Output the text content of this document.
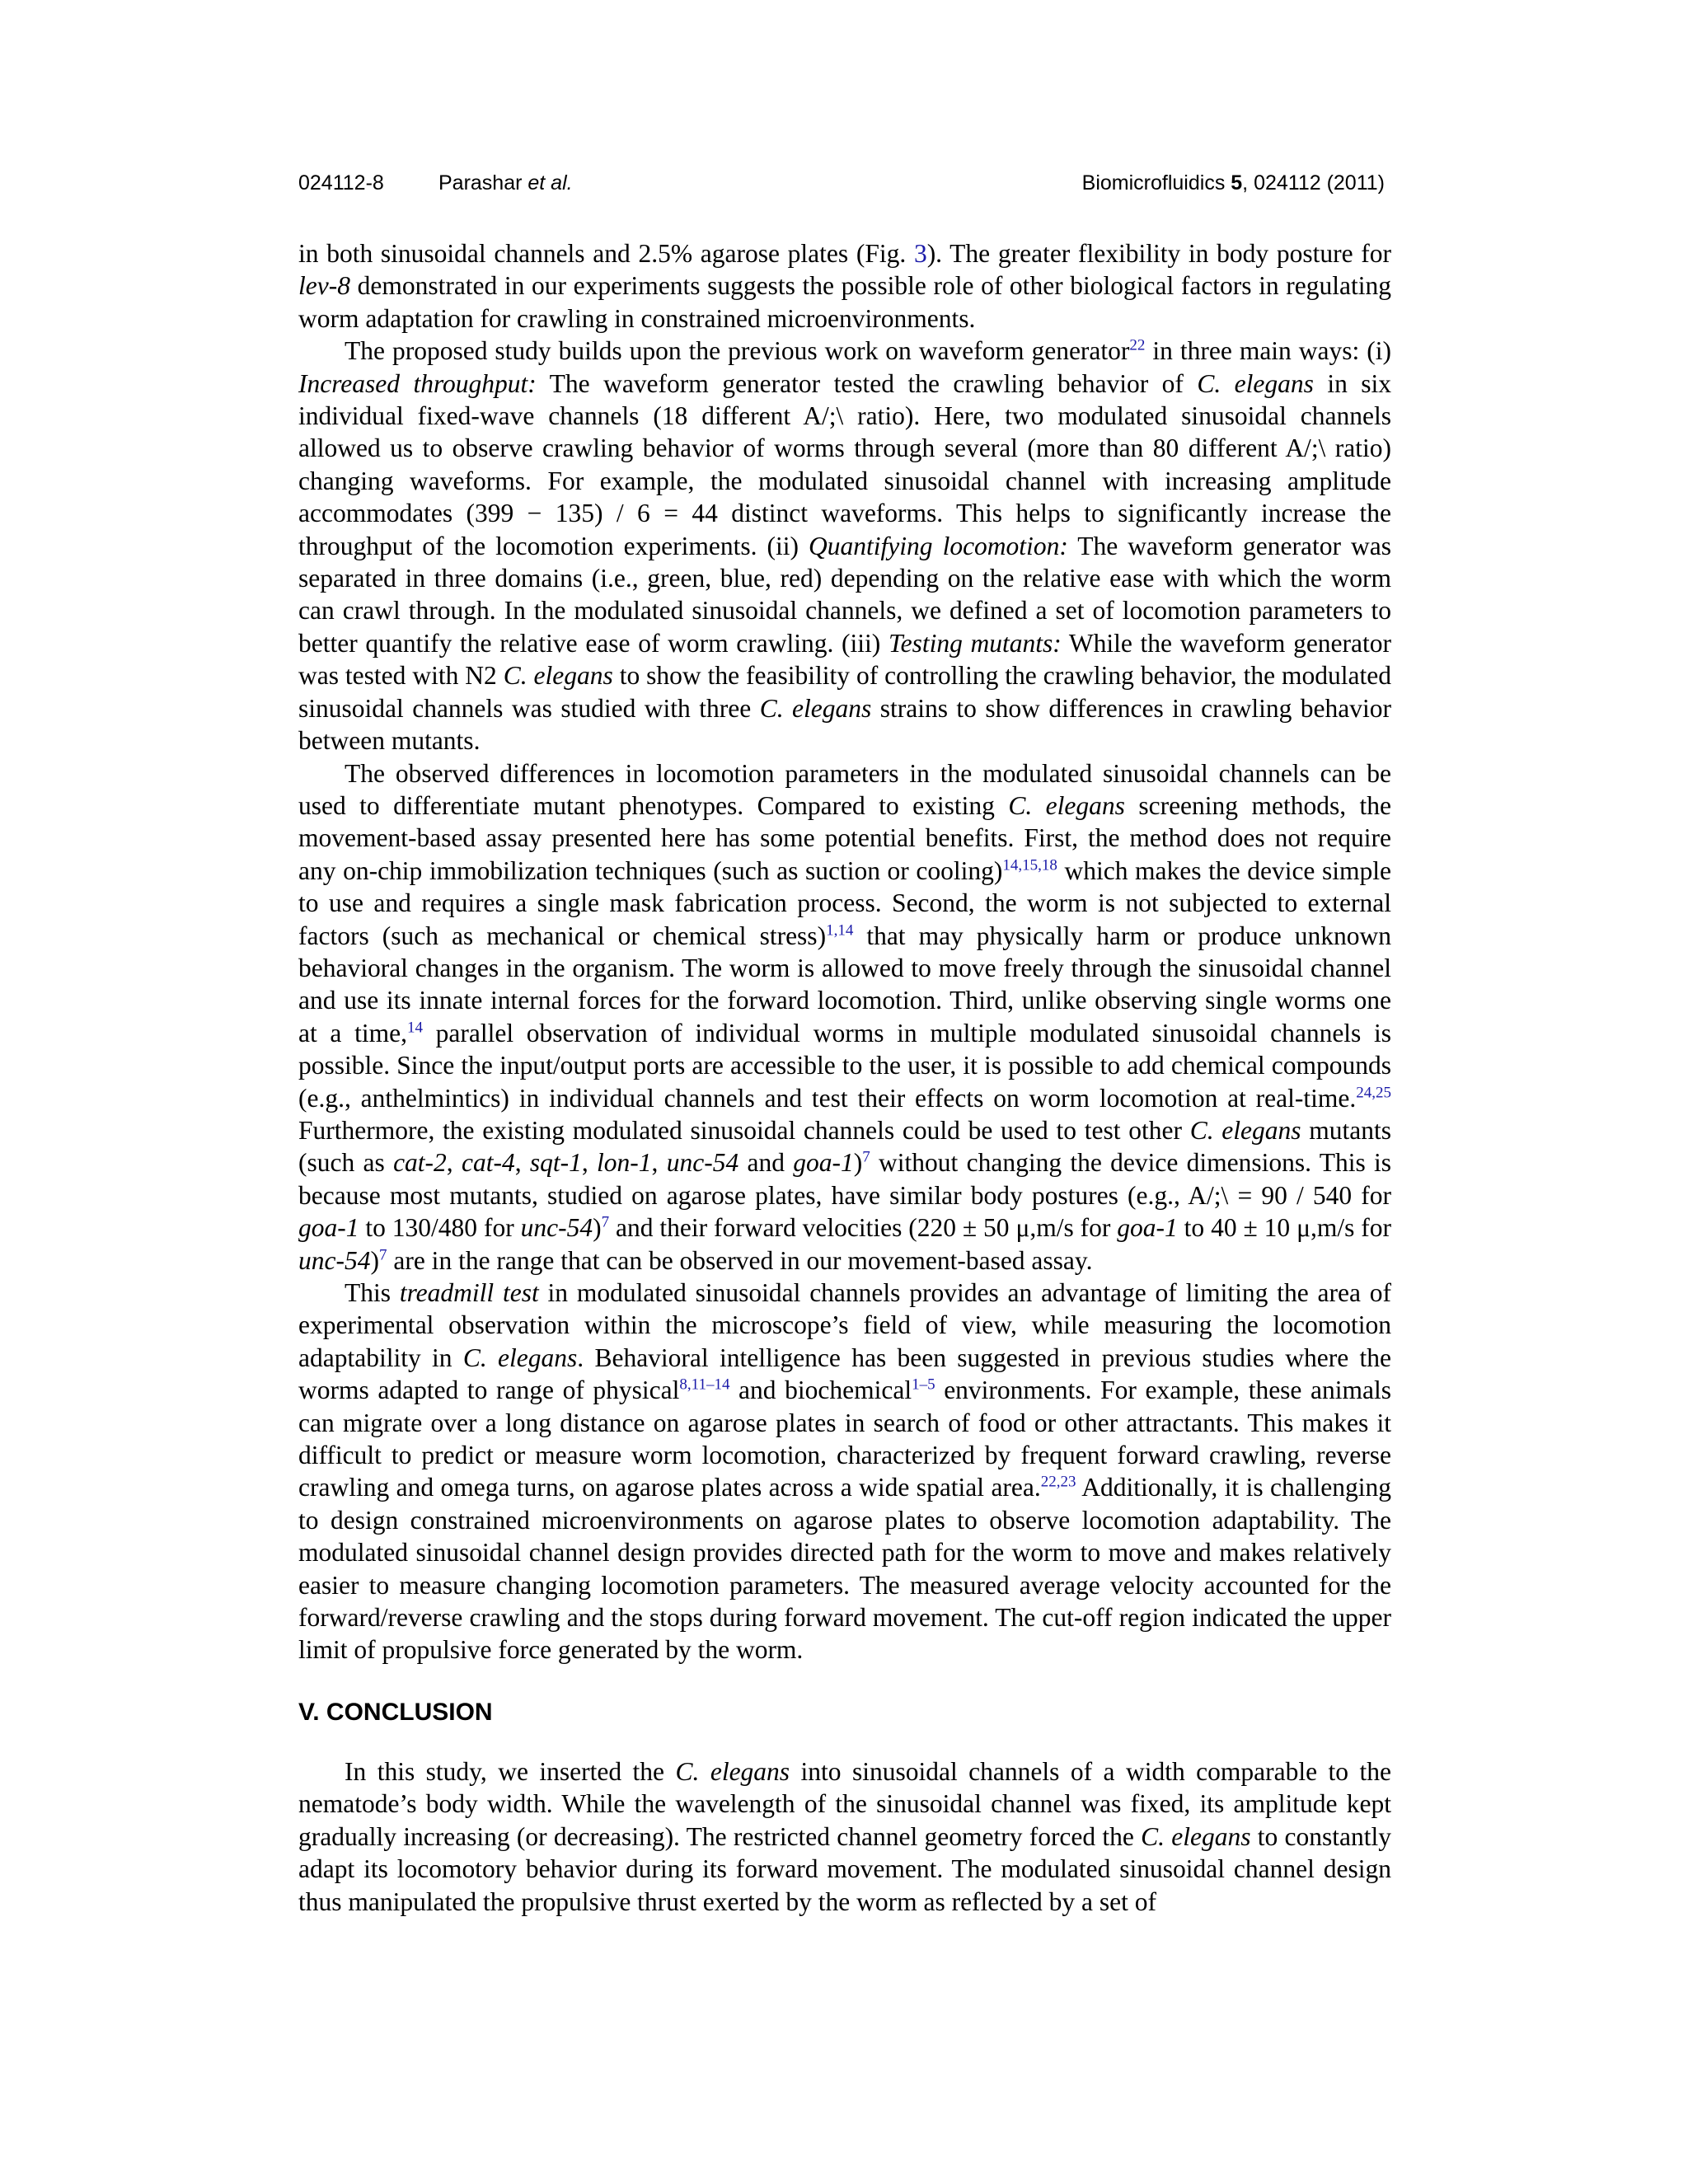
024112-8	Parashar et al.	Biomicrofluidics 5, 024112 (2011)

in both sinusoidal channels and 2.5% agarose plates (Fig. 3). The greater flexibility in body posture for lev-8 demonstrated in our experiments suggests the possible role of other biological factors in regulating worm adaptation for crawling in constrained microenvironments.

The proposed study builds upon the previous work on waveform generator$^{22}$ in three main ways: (i) Increased throughput: The waveform generator tested the crawling behavior of C. elegans in six individual fixed-wave channels (18 different A/;\ ratio). Here, two modulated sinusoidal channels allowed us to observe crawling behavior of worms through several (more than 80 different A/;\ ratio) changing waveforms. For example, the modulated sinusoidal channel with increasing amplitude accommodates (399 − 135) / 6 = 44 distinct waveforms. This helps to significantly increase the throughput of the locomotion experiments. (ii) Quantifying locomotion: The waveform generator was separated in three domains (i.e., green, blue, red) depending on the relative ease with which the worm can crawl through. In the modulated sinusoidal channels, we defined a set of locomotion parameters to better quantify the relative ease of worm crawling. (iii) Testing mutants: While the waveform generator was tested with N2 C. elegans to show the feasibility of controlling the crawling behavior, the modulated sinusoidal channels was studied with three C. elegans strains to show differences in crawling behavior between mutants.

The observed differences in locomotion parameters in the modulated sinusoidal channels can be used to differentiate mutant phenotypes. Compared to existing C. elegans screening methods, the movement-based assay presented here has some potential benefits. First, the method does not require any on-chip immobilization techniques (such as suction or cooling)$^{14,15,18}$ which makes the device simple to use and requires a single mask fabrication process. Second, the worm is not subjected to external factors (such as mechanical or chemical stress)$^{1,14}$ that may physically harm or produce unknown behavioral changes in the organism. The worm is allowed to move freely through the sinusoidal channel and use its innate internal forces for the forward locomotion. Third, unlike observing single worms one at a time,$^{14}$ parallel observation of individual worms in multiple modulated sinusoidal channels is possible. Since the input/output ports are accessible to the user, it is possible to add chemical compounds (e.g., anthelmintics) in individual channels and test their effects on worm locomotion at real-time.$^{24,25}$ Furthermore, the existing modulated sinusoidal channels could be used to test other C. elegans mutants (such as cat-2, cat-4, sqt-1, lon-1, unc-54 and goa-1)$^7$ without changing the device dimensions. This is because most mutants, studied on agarose plates, have similar body postures (e.g., A/;\ = 90 / 540 for goa-1 to 130/480 for unc-54)$^7$ and their forward velocities (220 ± 50 μ,m/s for goa-1 to 40 ± 10 μ,m/s for unc-54)$^7$ are in the range that can be observed in our movement-based assay.

This treadmill test in modulated sinusoidal channels provides an advantage of limiting the area of experimental observation within the microscope’s field of view, while measuring the locomotion adaptability in C. elegans. Behavioral intelligence has been suggested in previous studies where the worms adapted to range of physical$^{8,11-14}$ and biochemical$^{1-5}$ environments. For example, these animals can migrate over a long distance on agarose plates in search of food or other attractants. This makes it difficult to predict or measure worm locomotion, characterized by frequent forward crawling, reverse crawling and omega turns, on agarose plates across a wide spatial area.$^{22,23}$ Additionally, it is challenging to design constrained microenvironments on agarose plates to observe locomotion adaptability. The modulated sinusoidal channel design provides directed path for the worm to move and makes relatively easier to measure changing locomotion parameters. The measured average velocity accounted for the forward/reverse crawling and the stops during forward movement. The cut-off region indicated the upper limit of propulsive force generated by the worm.

V. CONCLUSION

In this study, we inserted the C. elegans into sinusoidal channels of a width comparable to the nematode’s body width. While the wavelength of the sinusoidal channel was fixed, its amplitude kept gradually increasing (or decreasing). The restricted channel geometry forced the C. elegans to constantly adapt its locomotory behavior during its forward movement. The modulated sinusoidal channel design thus manipulated the propulsive thrust exerted by the worm as reflected by a set of
